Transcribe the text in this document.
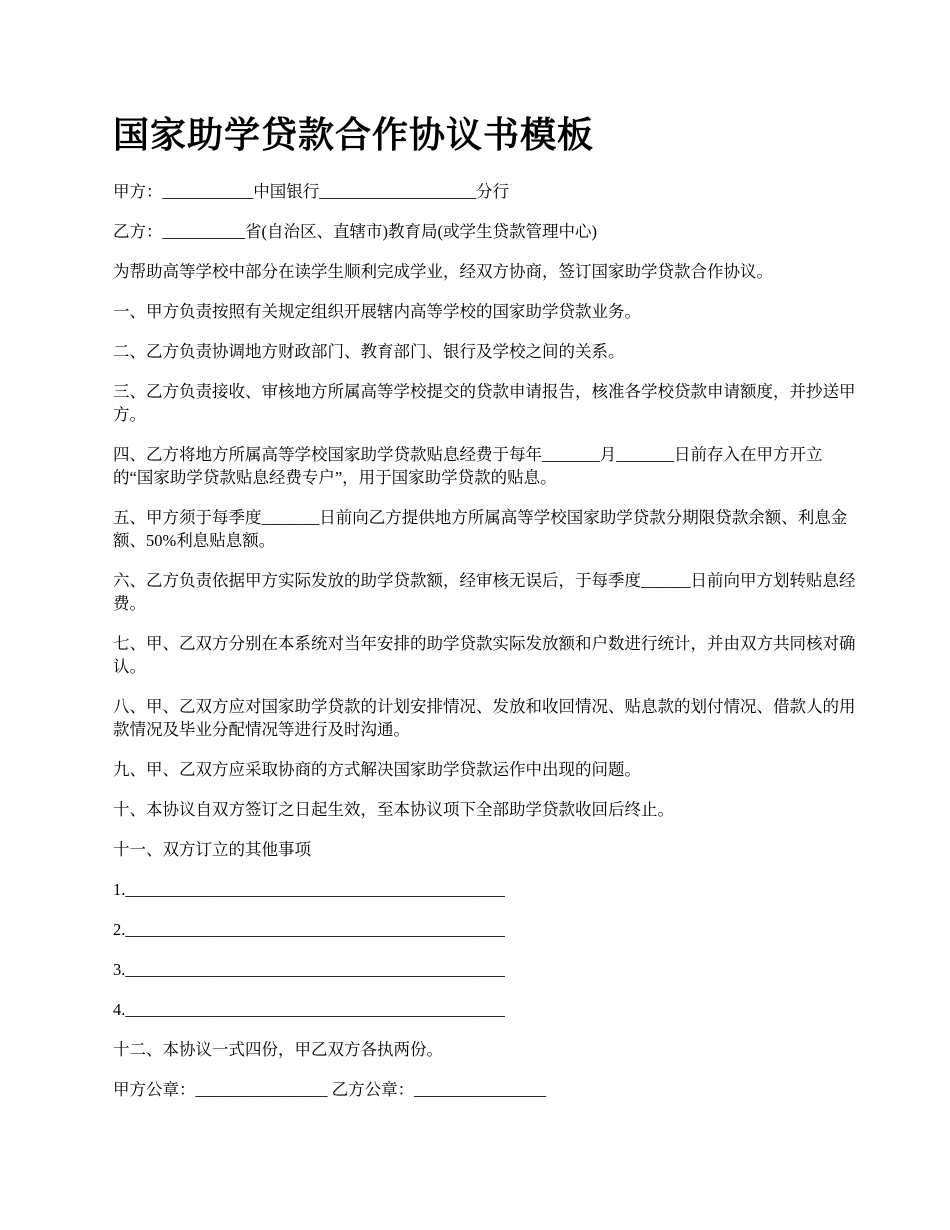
国家助学贷款合作协议书模板

甲方：___________中国银行___________________分行

乙方：__________省(自治区、直辖市)教育局(或学生贷款管理中心)

为帮助高等学校中部分在读学生顺利完成学业，经双方协商，签订国家助学贷款合作协议。

一、甲方负责按照有关规定组织开展辖内高等学校的国家助学贷款业务。

二、乙方负责协调地方财政部门、教育部门、银行及学校之间的关系。

三、乙方负责接收、审核地方所属高等学校提交的贷款申请报告，核准各学校贷款申请额度，并抄送甲方。

四、乙方将地方所属高等学校国家助学贷款贴息经费于每年_______月_______日前存入在甲方开立的“国家助学贷款贴息经费专户”，用于国家助学贷款的贴息。

五、甲方须于每季度_______日前向乙方提供地方所属高等学校国家助学贷款分期限贷款余额、利息金额、50%利息贴息额。

六、乙方负责依据甲方实际发放的助学贷款额，经审核无误后，于每季度______日前向甲方划转贴息经费。

七、甲、乙双方分别在本系统对当年安排的助学贷款实际发放额和户数进行统计，并由双方共同核对确认。

八、甲、乙双方应对国家助学贷款的计划安排情况、发放和收回情况、贴息款的划付情况、借款人的用款情况及毕业分配情况等进行及时沟通。

九、甲、乙双方应采取协商的方式解决国家助学贷款运作中出现的问题。

十、本协议自双方签订之日起生效，至本协议项下全部助学贷款收回后终止。

十一、双方订立的其他事项

1.______________________________________________

2.______________________________________________

3.______________________________________________

4.______________________________________________

十二、本协议一式四份，甲乙双方各执两份。

甲方公章：________________ 乙方公章：________________
